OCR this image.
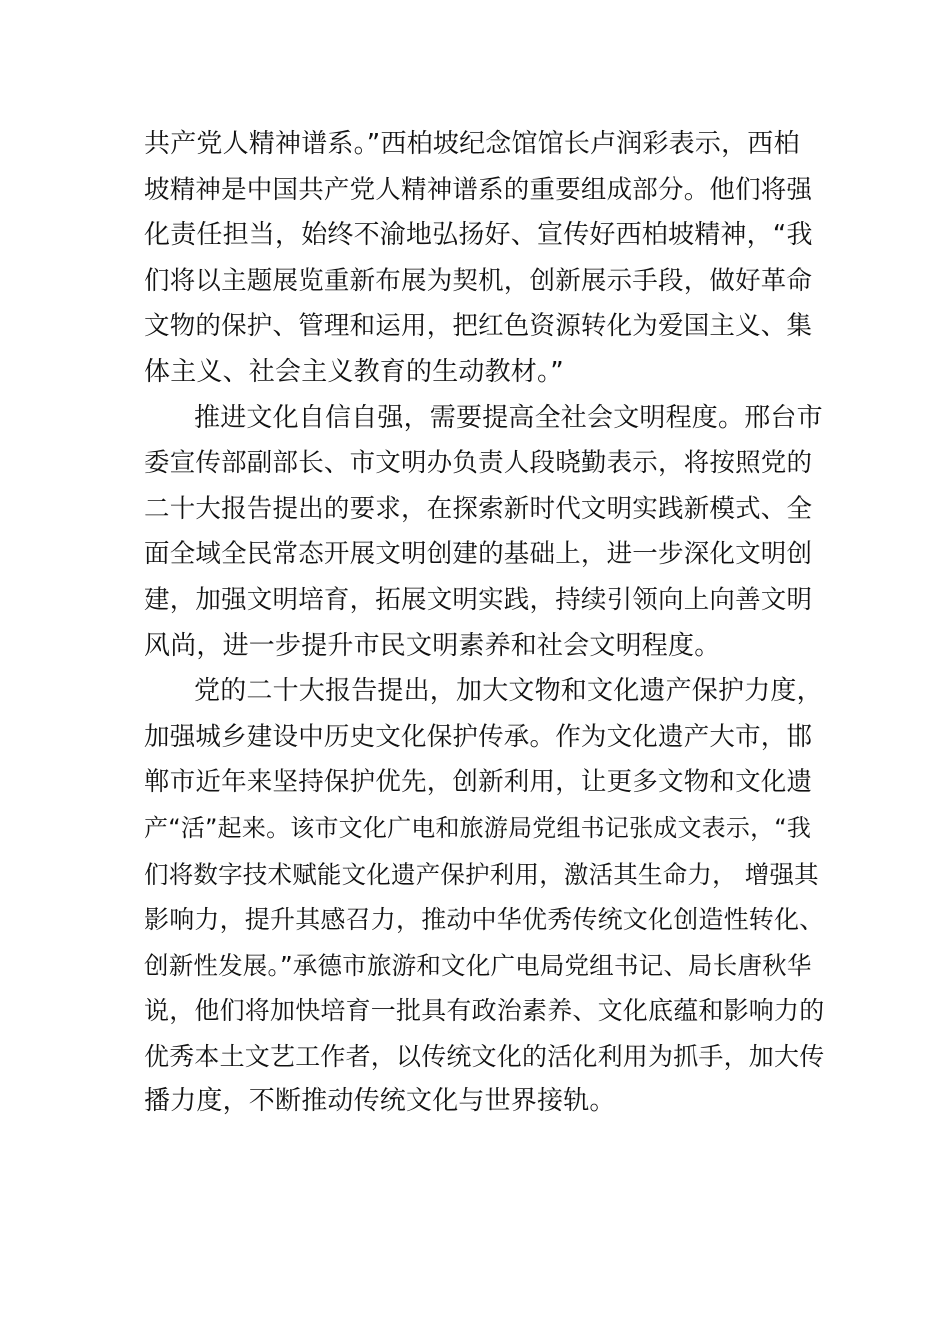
共产党人精神谱系。”西柏坡纪念馆馆长卢润彩表示，西柏
坡精神是中国共产党人精神谱系的重要组成部分。他们将强
化责任担当，始终不渝地弘扬好、宣传好西柏坡精神，“我
们将以主题展览重新布展为契机，创新展示手段，做好革命
文物的保护、管理和运用，把红色资源转化为爱国主义、集
体主义、社会主义教育的生动教材。”
推进文化自信自强，需要提高全社会文明程度。邢台市
委宣传部副部长、市文明办负责人段晓勤表示，将按照党的
二十大报告提出的要求，在探索新时代文明实践新模式、全
面全域全民常态开展文明创建的基础上，进一步深化文明创
建，加强文明培育，拓展文明实践，持续引领向上向善文明
风尚，进一步提升市民文明素养和社会文明程度。
党的二十大报告提出，加大文物和文化遗产保护力度，
加强城乡建设中历史文化保护传承。作为文化遗产大市，邯
郸市近年来坚持保护优先，创新利用，让更多文物和文化遗
产“活”起来。该市文化广电和旅游局党组书记张成文表示，“我
们将数字技术赋能文化遗产保护利用，激活其生命力， 增强其
影响力，提升其感召力，推动中华优秀传统文化创造性转化、
创新性发展。”承德市旅游和文化广电局党组书记、局长唐秋华
说，他们将加快培育一批具有政治素养、文化底蕴和影响力的
优秀本土文艺工作者，以传统文化的活化利用为抓手，加大传
播力度，不断推动传统文化与世界接轨。
